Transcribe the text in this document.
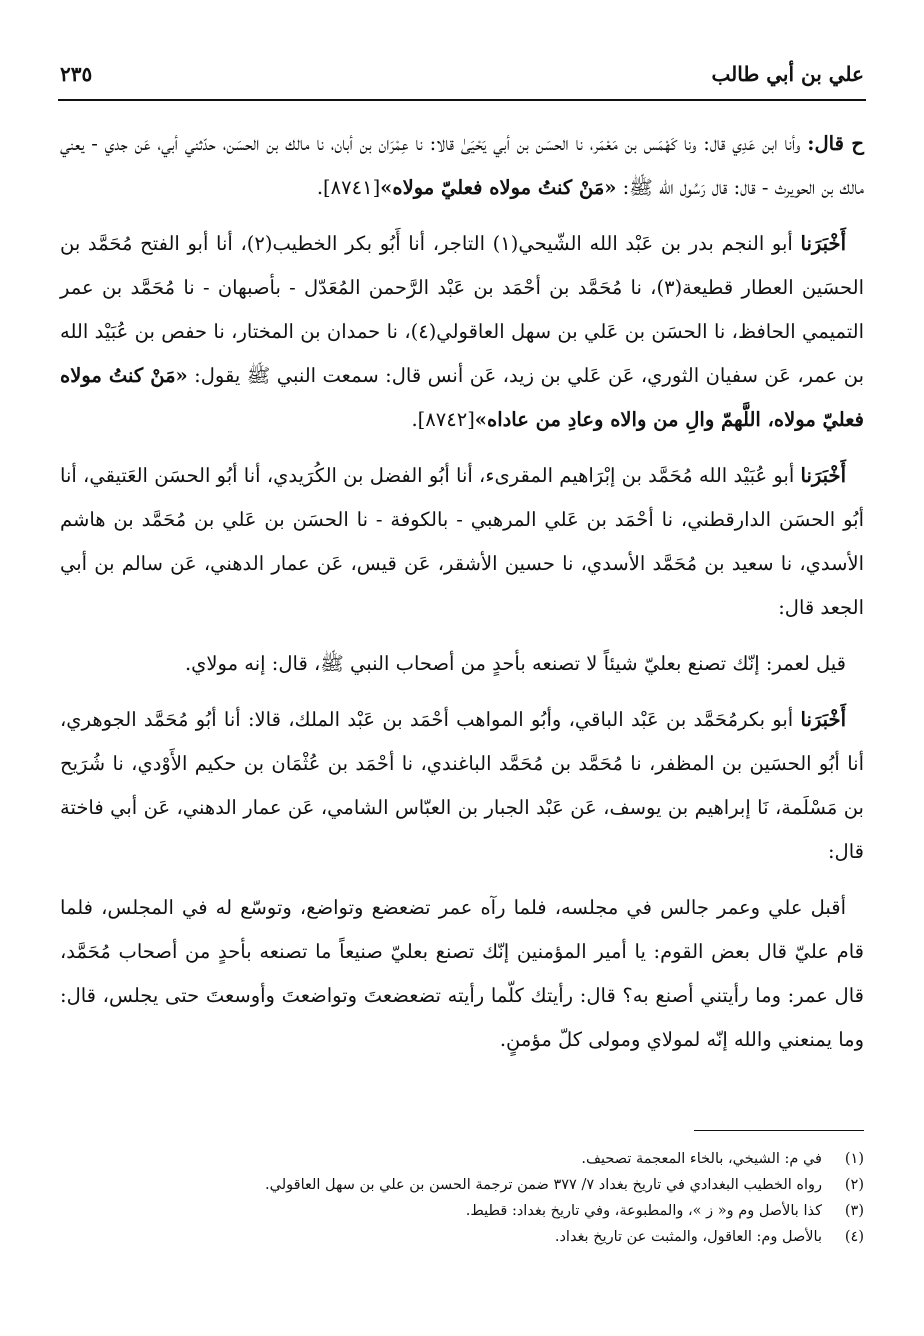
٢٣٥	علي بن أبي طالب

ح قال: وأنا ابن عَدِي قال: ونا كَهْمَس بن مَعْمَر، نا الحسَن بن أبي يَحْيَىٰ قالا: نا عِمْرَان بن أبان، نا مالك بن الحسَن، حدّثني أبي، عَن جدي - يعني مالك بن الحويرث - قال: قال رَسُول الله ﷺ: «مَنْ كنتُ مولاه فعليّ مولاه»[٨٧٤١].

أَخْبَرَنا أبو النجم بدر بن عَبْد الله الشّيحي(١) التاجر، أنا أَبُو بكر الخطيب(٢)، أنا أبو الفتح مُحَمَّد بن الحسَين العطار قطيعة(٣)، نا مُحَمَّد بن أحْمَد بن عَبْد الرَّحمن المُعَدّل - بأصبهان - نا مُحَمَّد بن عمر التميمي الحافظ، نا الحسَن بن عَلي بن سهل العاقولي(٤)، نا حمدان بن المختار، نا حفص بن عُبَيْد الله بن عمر، عَن سفيان الثوري، عَن عَلي بن زيد، عَن أنس قال: سمعت النبي ﷺ يقول: «مَنْ كنتُ مولاه فعليّ مولاه، اللَّهمّ والِ من والاه وعادِ من عاداه»[٨٧٤٢].

أَخْبَرَنا أبو عُبَيْد الله مُحَمَّد بن إبْرَاهيم المقرىء، أنا أبُو الفضل بن الكُرَيدي، أنا أبُو الحسَن العَتيقي، أنا أبُو الحسَن الدارقطني، نا أحْمَد بن عَلي المرهبي - بالكوفة - نا الحسَن بن عَلي بن مُحَمَّد بن هاشم الأسدي، نا سعيد بن مُحَمَّد الأسدي، نا حسين الأشقر، عَن قيس، عَن عمار الدهني، عَن سالم بن أبي الجعد قال:

قيل لعمر: إنّك تصنع بعليّ شيئاً لا تصنعه بأحدٍ من أصحاب النبي ﷺ، قال: إنه مولاي.

أَخْبَرَنا أبو بكرمُحَمَّد بن عَبْد الباقي، وأبُو المواهب أحْمَد بن عَبْد الملك، قالا: أنا أبُو مُحَمَّد الجوهري، أنا أبُو الحسَين بن المظفر، نا مُحَمَّد بن مُحَمَّد الباغندي، نا أحْمَد بن عُثْمَان بن حكيم الأَوْدي، نا شُرَيح بن مَسْلَمة، نَا إبراهيم بن يوسف، عَن عَبْد الجبار بن العبّاس الشامي، عَن عمار الدهني، عَن أبي فاختة قال:

أقبل علي وعمر جالس في مجلسه، فلما رآه عمر تضعضع وتواضع، وتوسّع له في المجلس، فلما قام عليّ قال بعض القوم: يا أمير المؤمنين إنّك تصنع بعليّ صنيعاً ما تصنعه بأحدٍ من أصحاب مُحَمَّد، قال عمر: وما رأيتني أصنع به؟ قال: رأيتك كلّما رأيته تضعضعتَ وتواضعتَ وأوسعتَ حتى يجلس، قال: وما يمنعني والله إنّه لمولاي ومولى كلّ مؤمنٍ.

(١)
في م: الشيخي، بالخاء المعجمة تصحيف.
(٢)
رواه الخطيب البغدادي في تاريخ بغداد ٧/ ٣٧٧ ضمن ترجمة الحسن بن علي بن سهل العاقولي.
(٣)
كذا بالأصل وم و« ز »، والمطبوعة، وفي تاريخ بغداد: قطيط.
(٤)
بالأصل وم: العاقول، والمثبت عن تاريخ بغداد.
